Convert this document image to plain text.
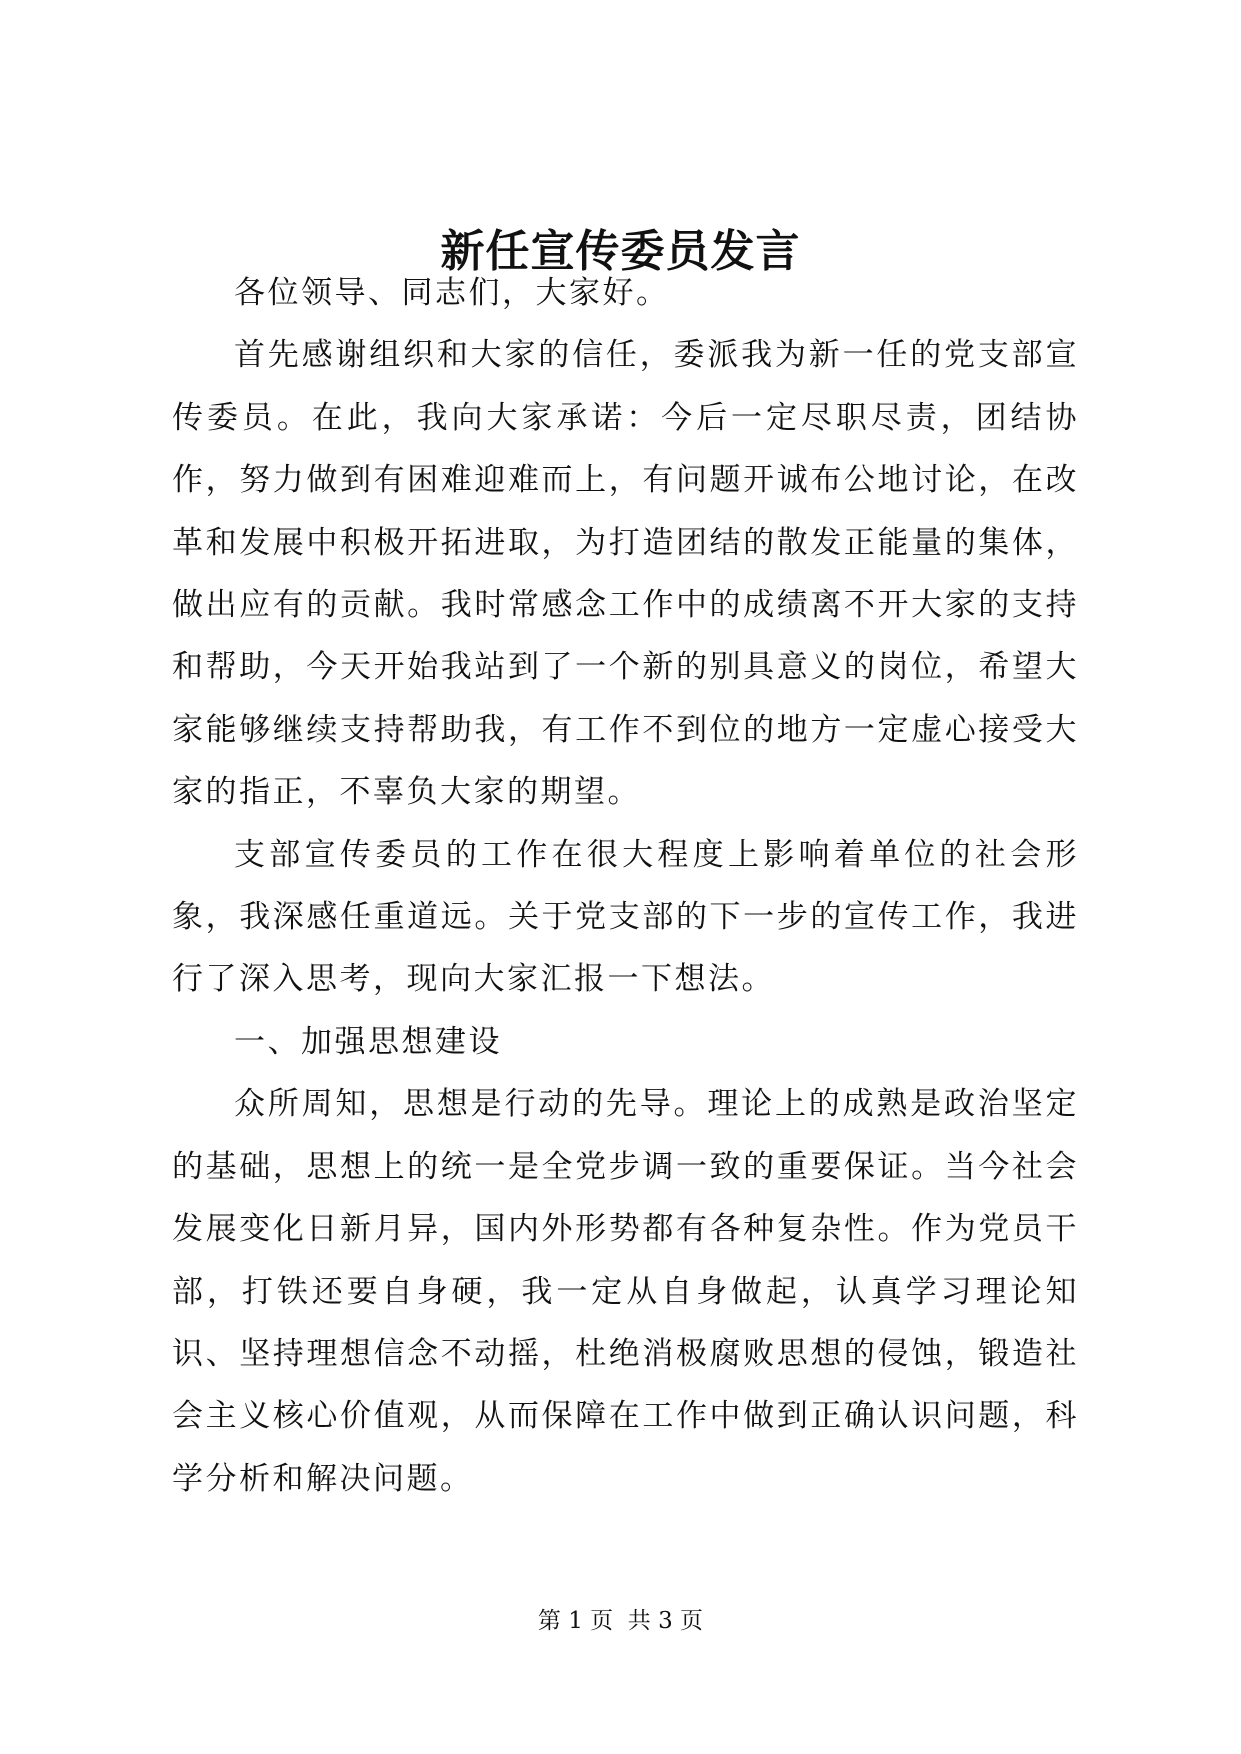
新任宣传委员发言

各位领导、同志们，大家好。

首先感谢组织和大家的信任，委派我为新一任的党支部宣传委员。在此，我向大家承诺：今后一定尽职尽责，团结协作，努力做到有困难迎难而上，有问题开诚布公地讨论，在改革和发展中积极开拓进取，为打造团结的散发正能量的集体，做出应有的贡献。我时常感念工作中的成绩离不开大家的支持和帮助，今天开始我站到了一个新的别具意义的岗位，希望大家能够继续支持帮助我，有工作不到位的地方一定虚心接受大家的指正，不辜负大家的期望。

支部宣传委员的工作在很大程度上影响着单位的社会形象，我深感任重道远。关于党支部的下一步的宣传工作，我进行了深入思考，现向大家汇报一下想法。

一、加强思想建设

众所周知，思想是行动的先导。理论上的成熟是政治坚定的基础，思想上的统一是全党步调一致的重要保证。当今社会发展变化日新月异，国内外形势都有各种复杂性。作为党员干部，打铁还要自身硬，我一定从自身做起，认真学习理论知识、坚持理想信念不动摇，杜绝消极腐败思想的侵蚀，锻造社会主义核心价值观，从而保障在工作中做到正确认识问题，科学分析和解决问题。

第 1 页  共 3 页
